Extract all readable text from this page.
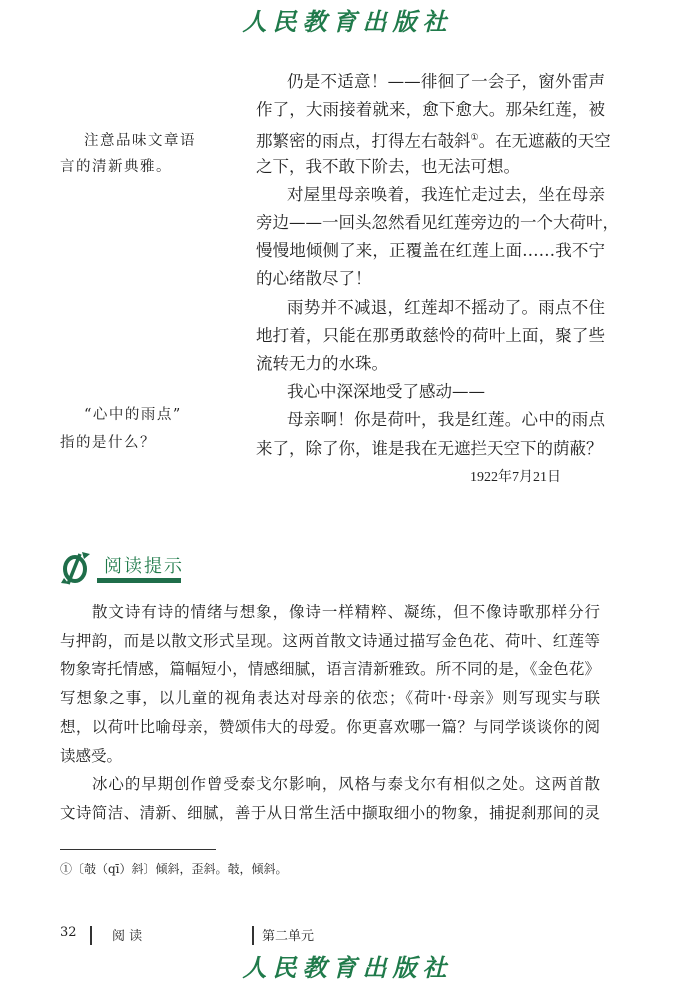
人民教育出版社
注意品味文章语
言的清新典雅。
“心中的雨点”
指的是什么？
仍是不适意！——徘徊了一会子，窗外雷声
作了，大雨接着就来，愈下愈大。那朵红莲，被
那繁密的雨点，打得左右攲斜①。在无遮蔽的天空
之下，我不敢下阶去，也无法可想。
对屋里母亲唤着，我连忙走过去，坐在母亲
旁边——一回头忽然看见红莲旁边的一个大荷叶，
慢慢地倾侧了来，正覆盖在红莲上面……我不宁
的心绪散尽了！
雨势并不减退，红莲却不摇动了。雨点不住
地打着，只能在那勇敢慈怜的荷叶上面，聚了些
流转无力的水珠。
我心中深深地受了感动——
母亲啊！你是荷叶，我是红莲。心中的雨点
来了，除了你，谁是我在无遮拦天空下的荫蔽？
1922年7月21日
阅读提示
散文诗有诗的情绪与想象，像诗一样精粹、凝练，但不像诗歌那样分行
与押韵，而是以散文形式呈现。这两首散文诗通过描写金色花、荷叶、红莲等
物象寄托情感，篇幅短小，情感细腻，语言清新雅致。所不同的是，《金色花》
写想象之事，以儿童的视角表达对母亲的依恋；《荷叶·母亲》则写现实与联
想，以荷叶比喻母亲，赞颂伟大的母爱。你更喜欢哪一篇？与同学谈谈你的阅
读感受。
冰心的早期创作曾受泰戈尔影响，风格与泰戈尔有相似之处。这两首散
文诗简洁、清新、细腻，善于从日常生活中撷取细小的物象，捕捉刹那间的灵
①〔攲（qī）斜〕倾斜，歪斜。攲，倾斜。
32	阅 读	第二单元
人民教育出版社
